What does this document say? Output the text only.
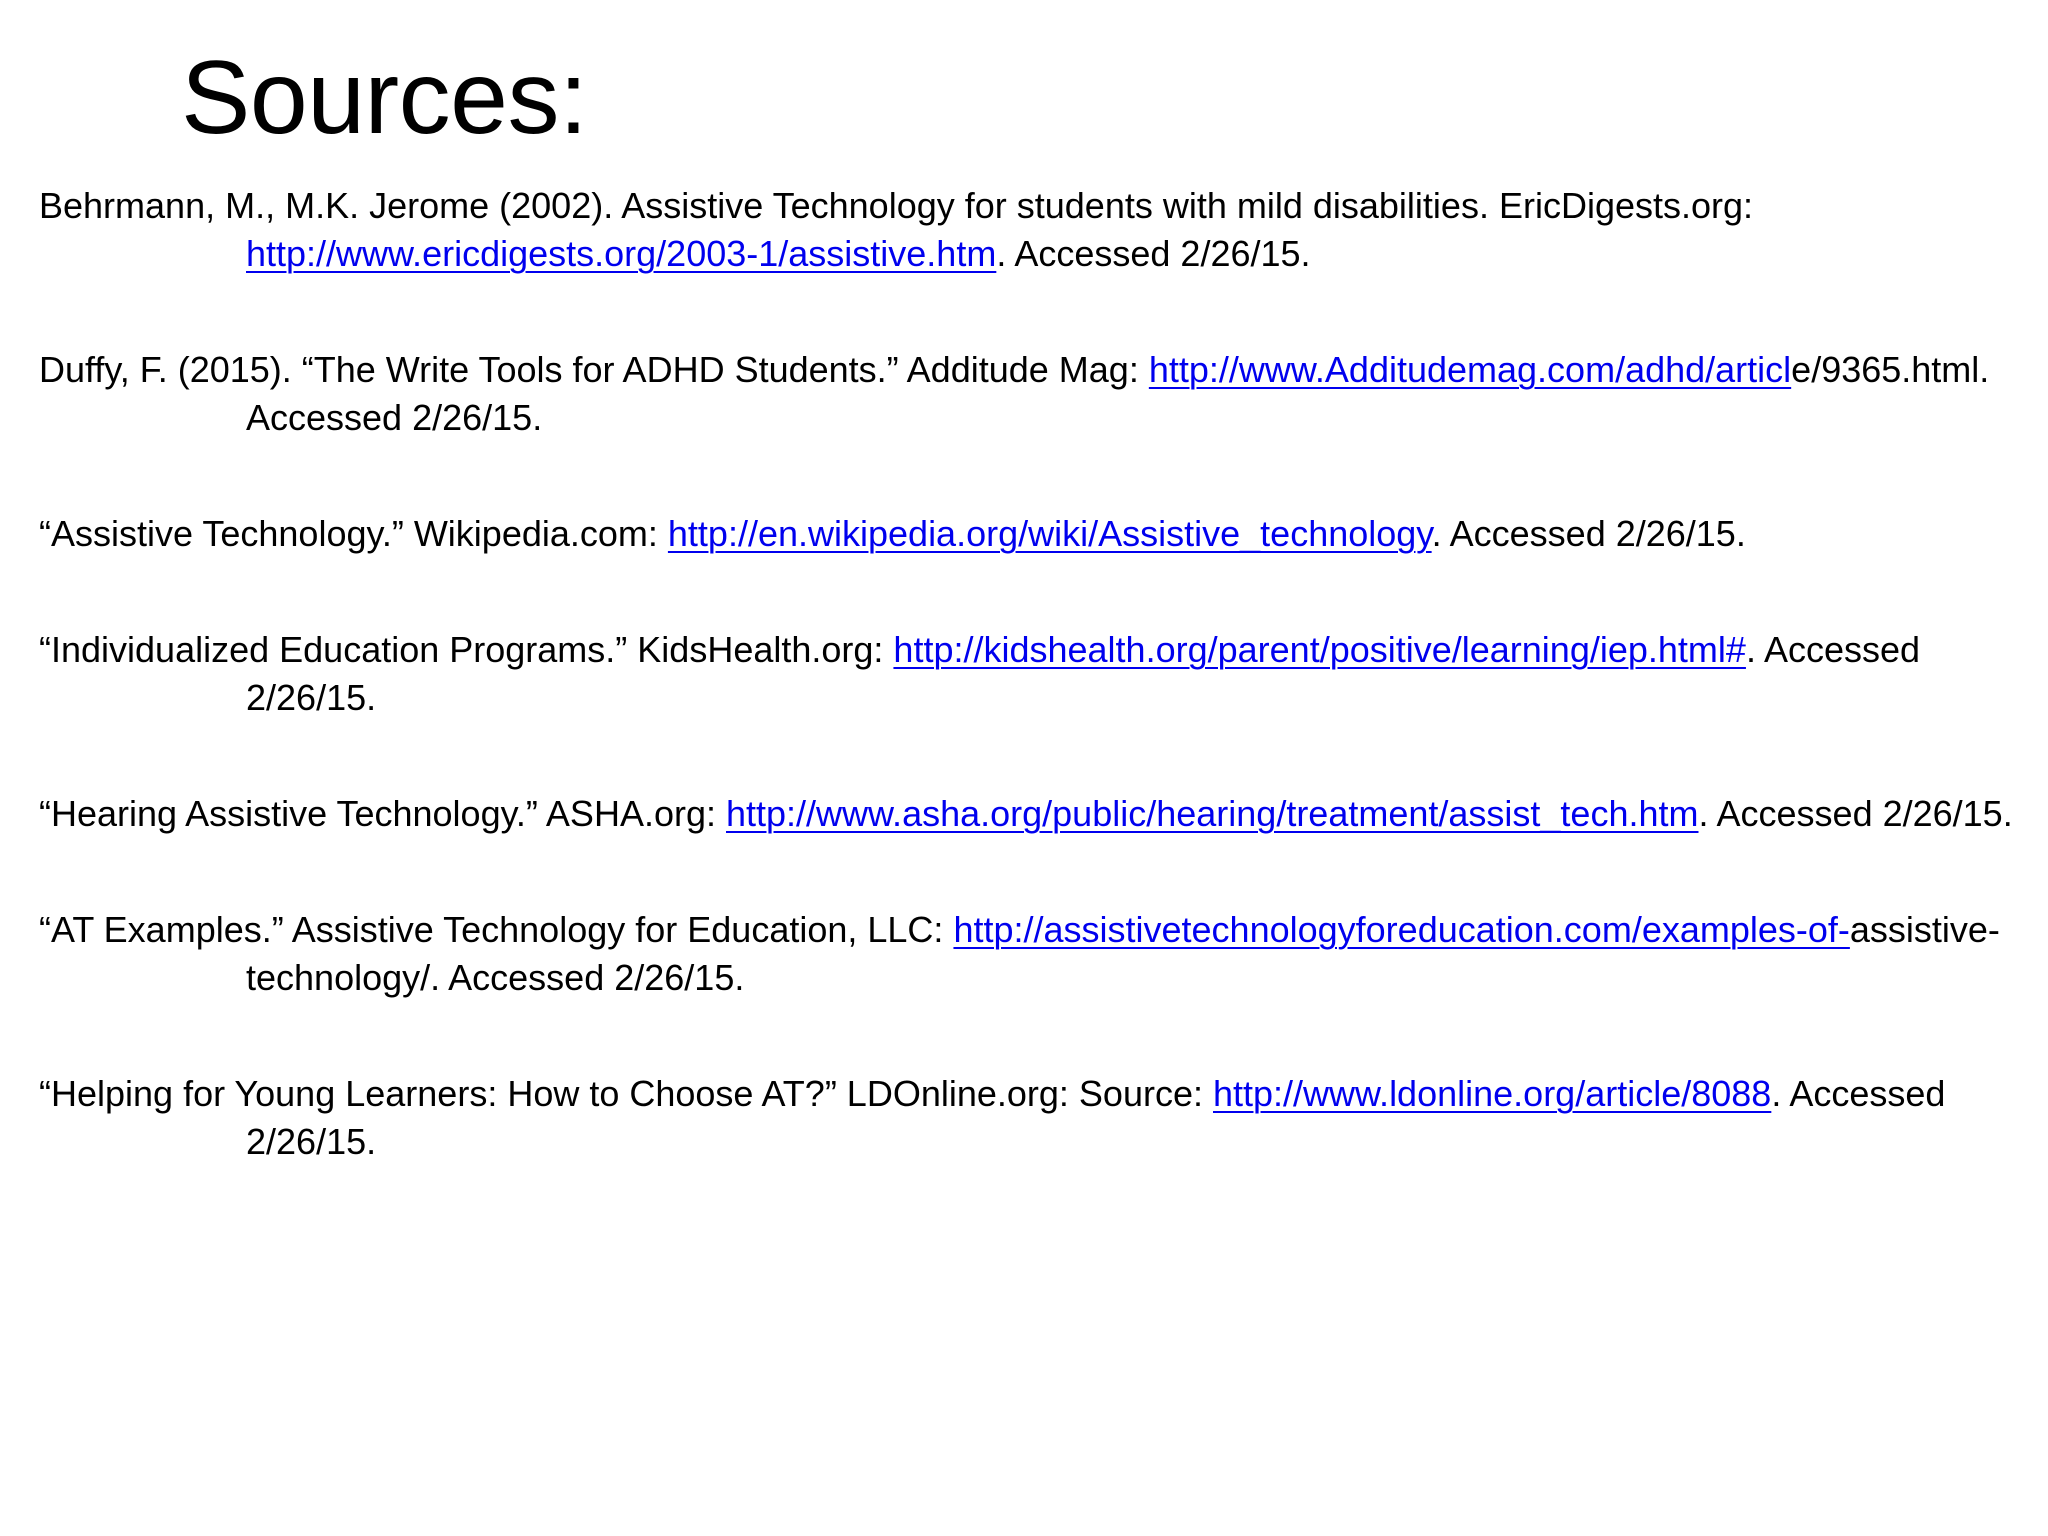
Sources:
Behrmann, M., M.K. Jerome (2002). Assistive Technology for students with mild disabilities. EricDigests.org: http://www.ericdigests.org/2003-1/assistive.htm. Accessed 2/26/15.
Duffy, F. (2015). “The Write Tools for ADHD Students.” Additude Mag: http://www.Additudemag.com/adhd/article/9365.html. Accessed 2/26/15.
“Assistive Technology.” Wikipedia.com: http://en.wikipedia.org/wiki/Assistive_technology. Accessed 2/26/15.
“Individualized Education Programs.” KidsHealth.org: http://kidshealth.org/parent/positive/learning/iep.html#. Accessed 2/26/15.
“Hearing Assistive Technology.” ASHA.org: http://www.asha.org/public/hearing/treatment/assist_tech.htm. Accessed 2/26/15.
“AT Examples.” Assistive Technology for Education, LLC: http://assistivetechnologyforeducation.com/examples-of-assistive-technology/. Accessed 2/26/15.
“Helping for Young Learners: How to Choose AT?” LDOnline.org: Source: http://www.ldonline.org/article/8088. Accessed 2/26/15.
